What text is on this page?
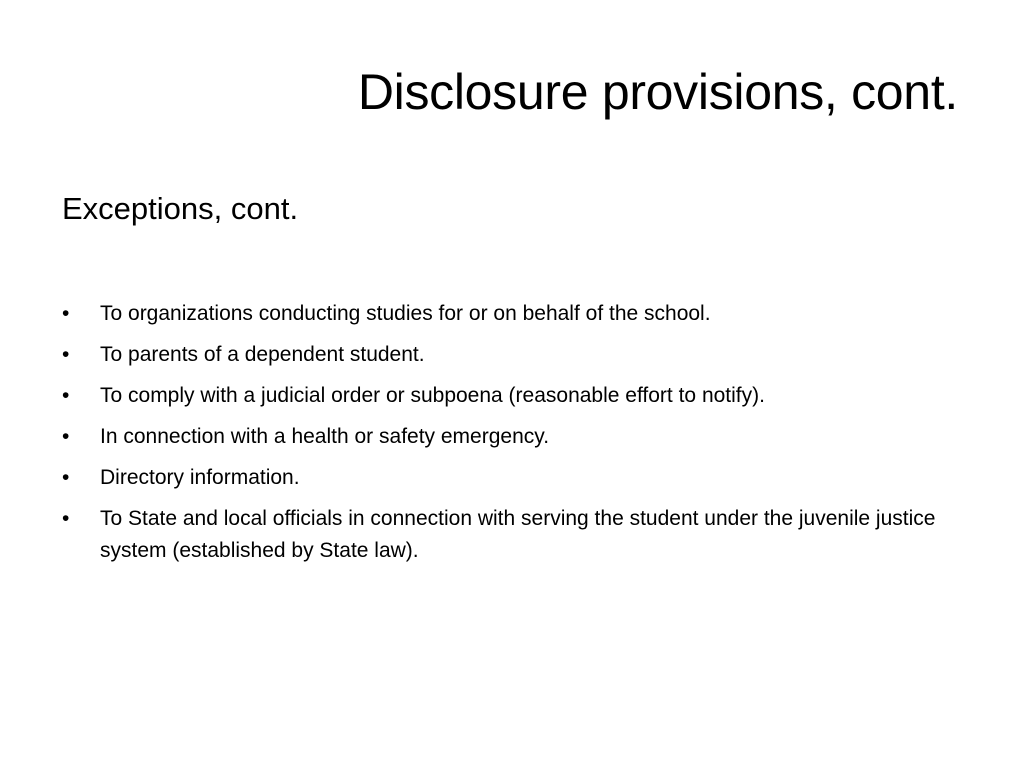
Disclosure provisions, cont.
Exceptions, cont.
•	To organizations conducting studies for or on behalf of the school.
•	To parents of a dependent student.
•	To comply with a judicial order or subpoena (reasonable effort to notify).
•	In connection with a health or safety emergency.
•	Directory information.
•	To State and local officials in connection with serving the student under the juvenile justice system (established by State law).
